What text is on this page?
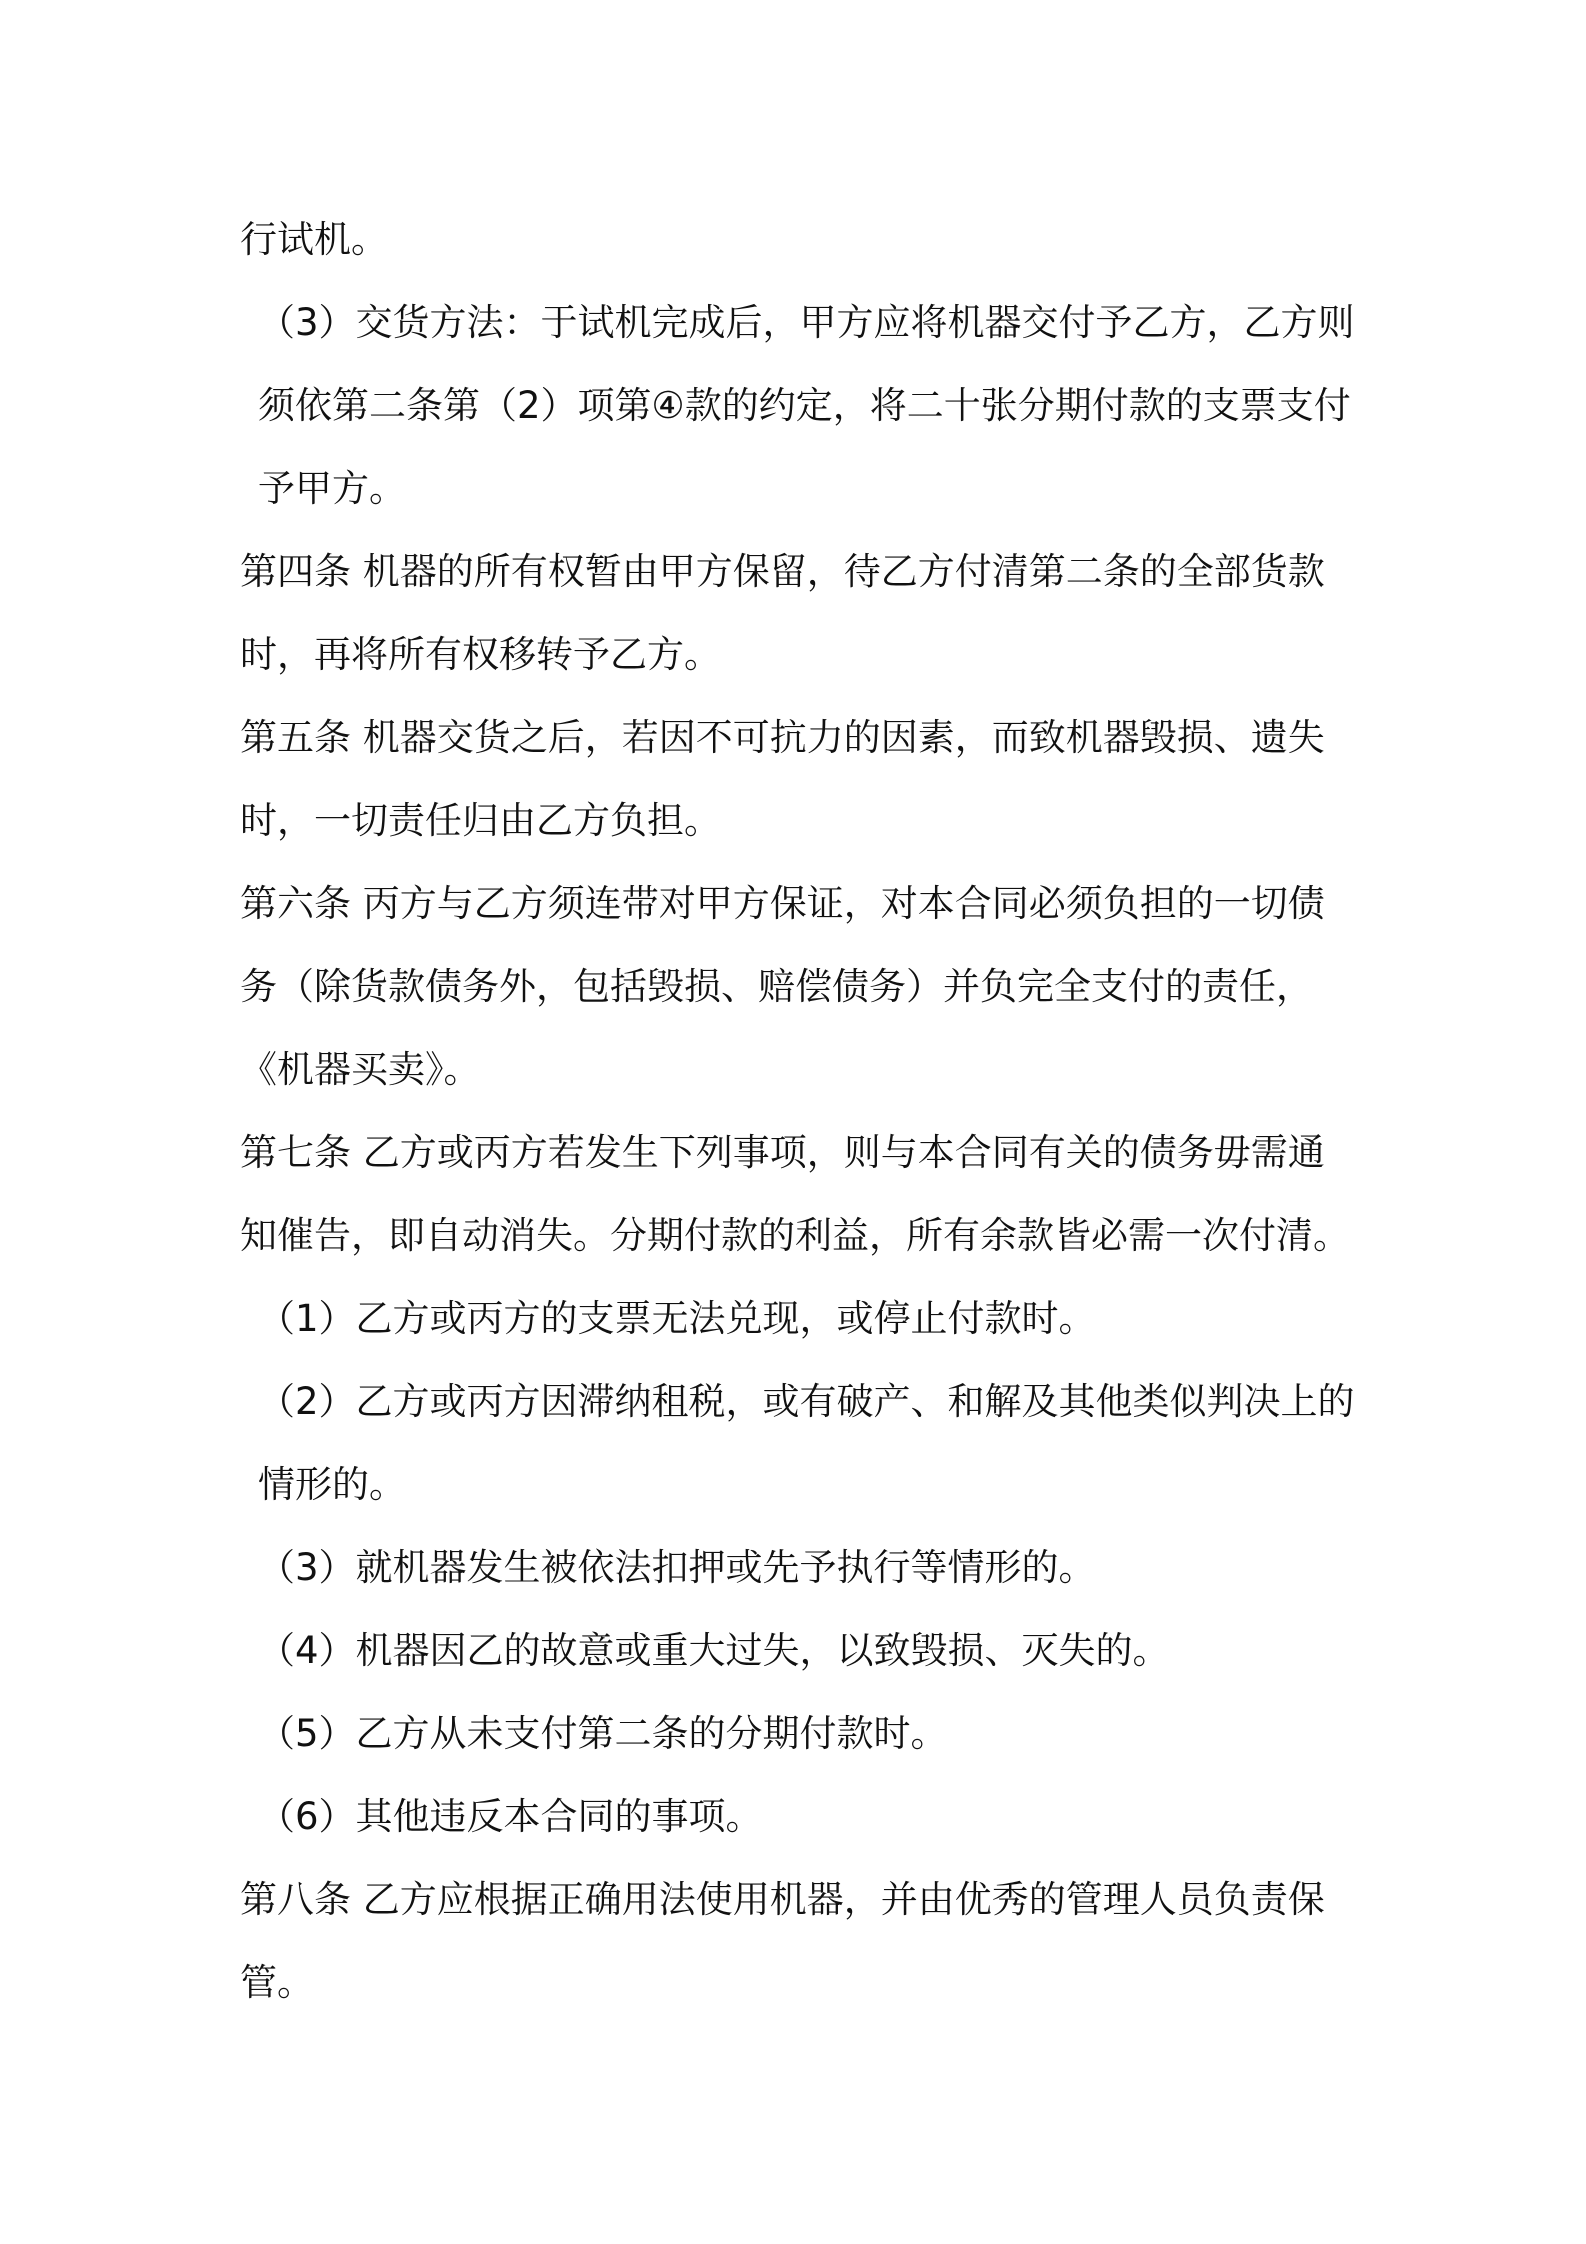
行试机。

（3）交货方法：于试机完成后，甲方应将机器交付予乙方，乙方则须依第二条第（2）项第④款的约定，将二十张分期付款的支票支付予甲方。

第四条 机器的所有权暂由甲方保留，待乙方付清第二条的全部货款时，再将所有权移转予乙方。

第五条 机器交货之后，若因不可抗力的因素，而致机器毁损、遗失时，一切责任归由乙方负担。

第六条 丙方与乙方须连带对甲方保证，对本合同必须负担的一切债务（除货款债务外，包括毁损、赔偿债务）并负完全支付的责任，《机器买卖》。

第七条 乙方或丙方若发生下列事项，则与本合同有关的债务毋需通知催告，即自动消失。分期付款的利益，所有余款皆必需一次付清。

（1）乙方或丙方的支票无法兑现，或停止付款时。

（2）乙方或丙方因滞纳租税，或有破产、和解及其他类似判决上的情形的。

（3）就机器发生被依法扣押或先予执行等情形的。

（4）机器因乙的故意或重大过失，以致毁损、灭失的。

（5）乙方从未支付第二条的分期付款时。

（6）其他违反本合同的事项。

第八条 乙方应根据正确用法使用机器，并由优秀的管理人员负责保管。
